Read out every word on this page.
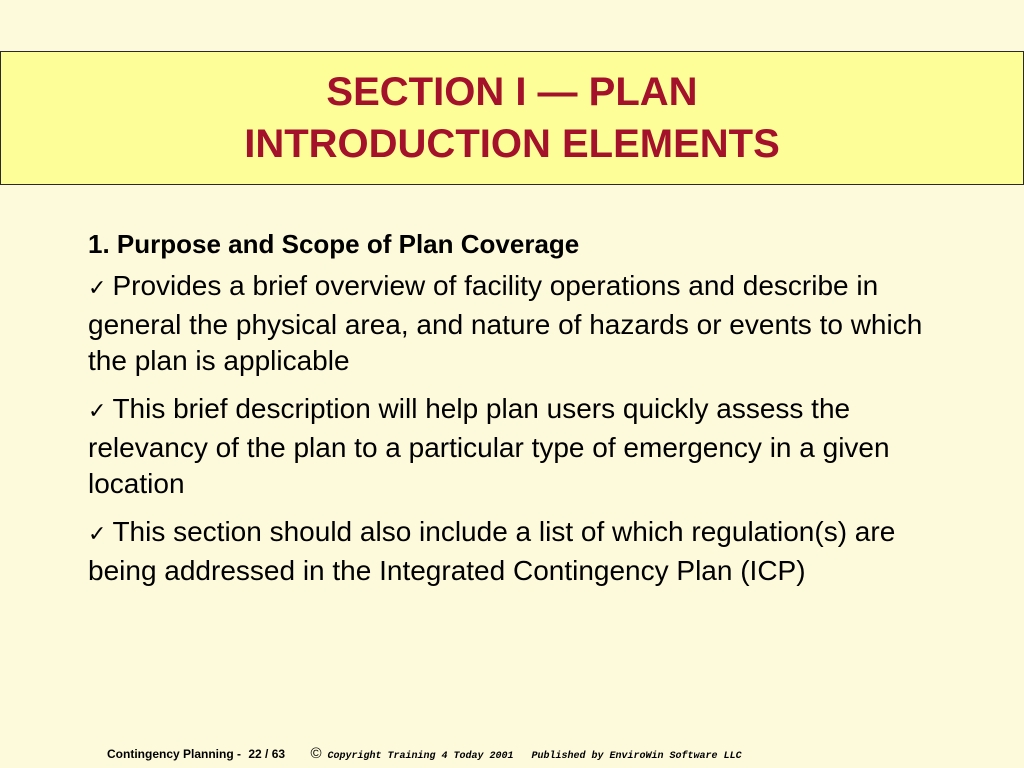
SECTION I — PLAN
INTRODUCTION ELEMENTS
1. Purpose and Scope of Plan Coverage
✓ Provides a brief overview of facility operations and describe in general the physical area, and nature of hazards or events to which the plan is applicable
✓ This brief description will help plan users quickly assess the relevancy of the plan to a particular type of emergency in a given location
✓ This section should also include a list of which regulation(s) are being addressed in the Integrated Contingency Plan (ICP)
Contingency Planning - 22 / 63 © Copyright Training 4 Today 2001 Published by EnviroWin Software LLC
